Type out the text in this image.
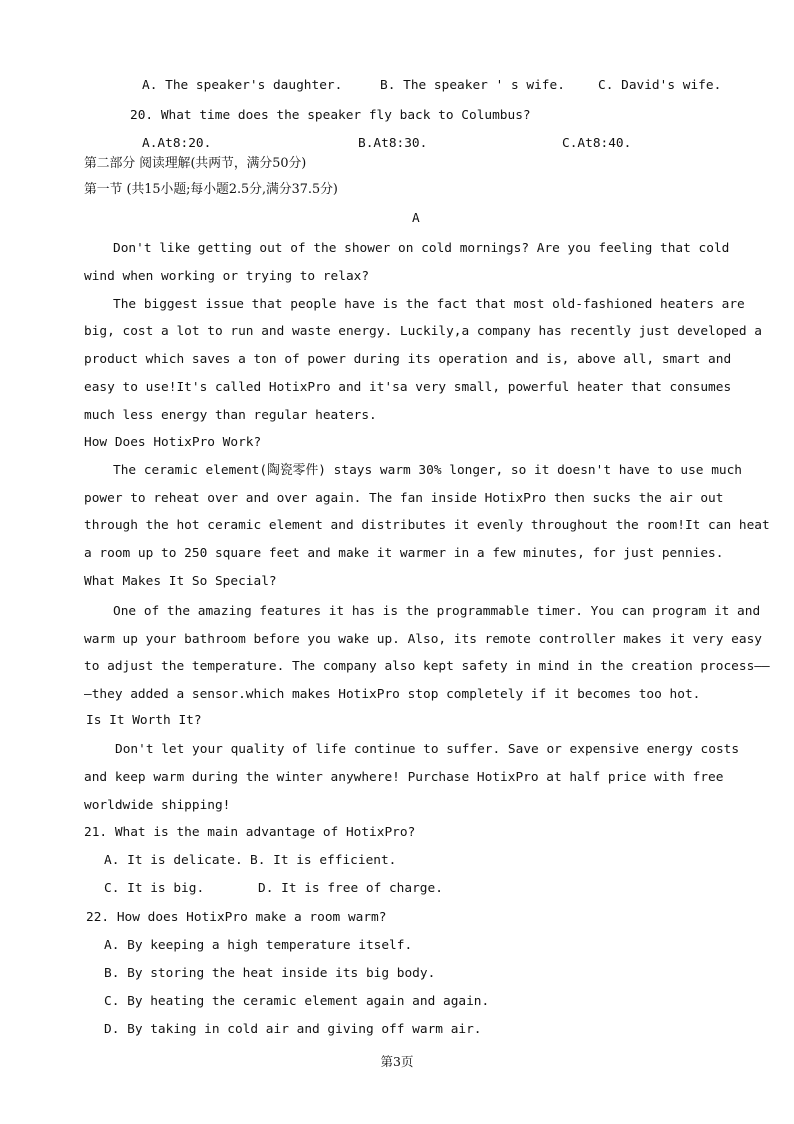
A. The speaker's daughter.	B. The speaker ' s wife.	C. David's wife.
20. What time does the speaker fly back to Columbus?
A.At8:20.	B.At8:30.	C.At8:40.
第二部分 阅读理解(共两节，满分50分)
第一节 (共15小题;每小题2.5分,满分37.5分)
A
Don't like getting out of the shower on cold mornings? Are you feeling that cold
wind when working or trying to relax?
The biggest issue that people have is the fact that most old-fashioned heaters are
big, cost a lot to run and waste energy. Luckily,a company has recently just developed a
product which saves a ton of power during its operation and is, above all, smart and
easy to use!It's called HotixPro and it'sa very small, powerful heater that consumes
much less energy than regular heaters.
How Does HotixPro Work?
The ceramic element(陶瓷零件) stays warm 30% longer, so it doesn't have to use much
power to reheat over and over again. The fan inside HotixPro then sucks the air out
through the hot ceramic element and distributes it evenly throughout the room!It can heat
a room up to 250 square feet and make it warmer in a few minutes, for just pennies.
What Makes It So Special?
One of the amazing features it has is the programmable timer. You can program it and
warm up your bathroom before you wake up. Also, its remote controller makes it very easy
to adjust the temperature. The company also kept safety in mind in the creation process——
—they added a sensor.which makes HotixPro stop completely if it becomes too hot.
Is It Worth It?
Don't let your quality of life continue to suffer. Save or expensive energy costs
and keep warm during the winter anywhere! Purchase HotixPro at half price with free
worldwide shipping!
21. What is the main advantage of HotixPro?
A. It is delicate. B. It is efficient.
C. It is big.	D. It is free of charge.
22. How does HotixPro make a room warm?
A. By keeping a high temperature itself.
B. By storing the heat inside its big body.
C. By heating the ceramic element again and again.
D. By taking in cold air and giving off warm air.
第3页
